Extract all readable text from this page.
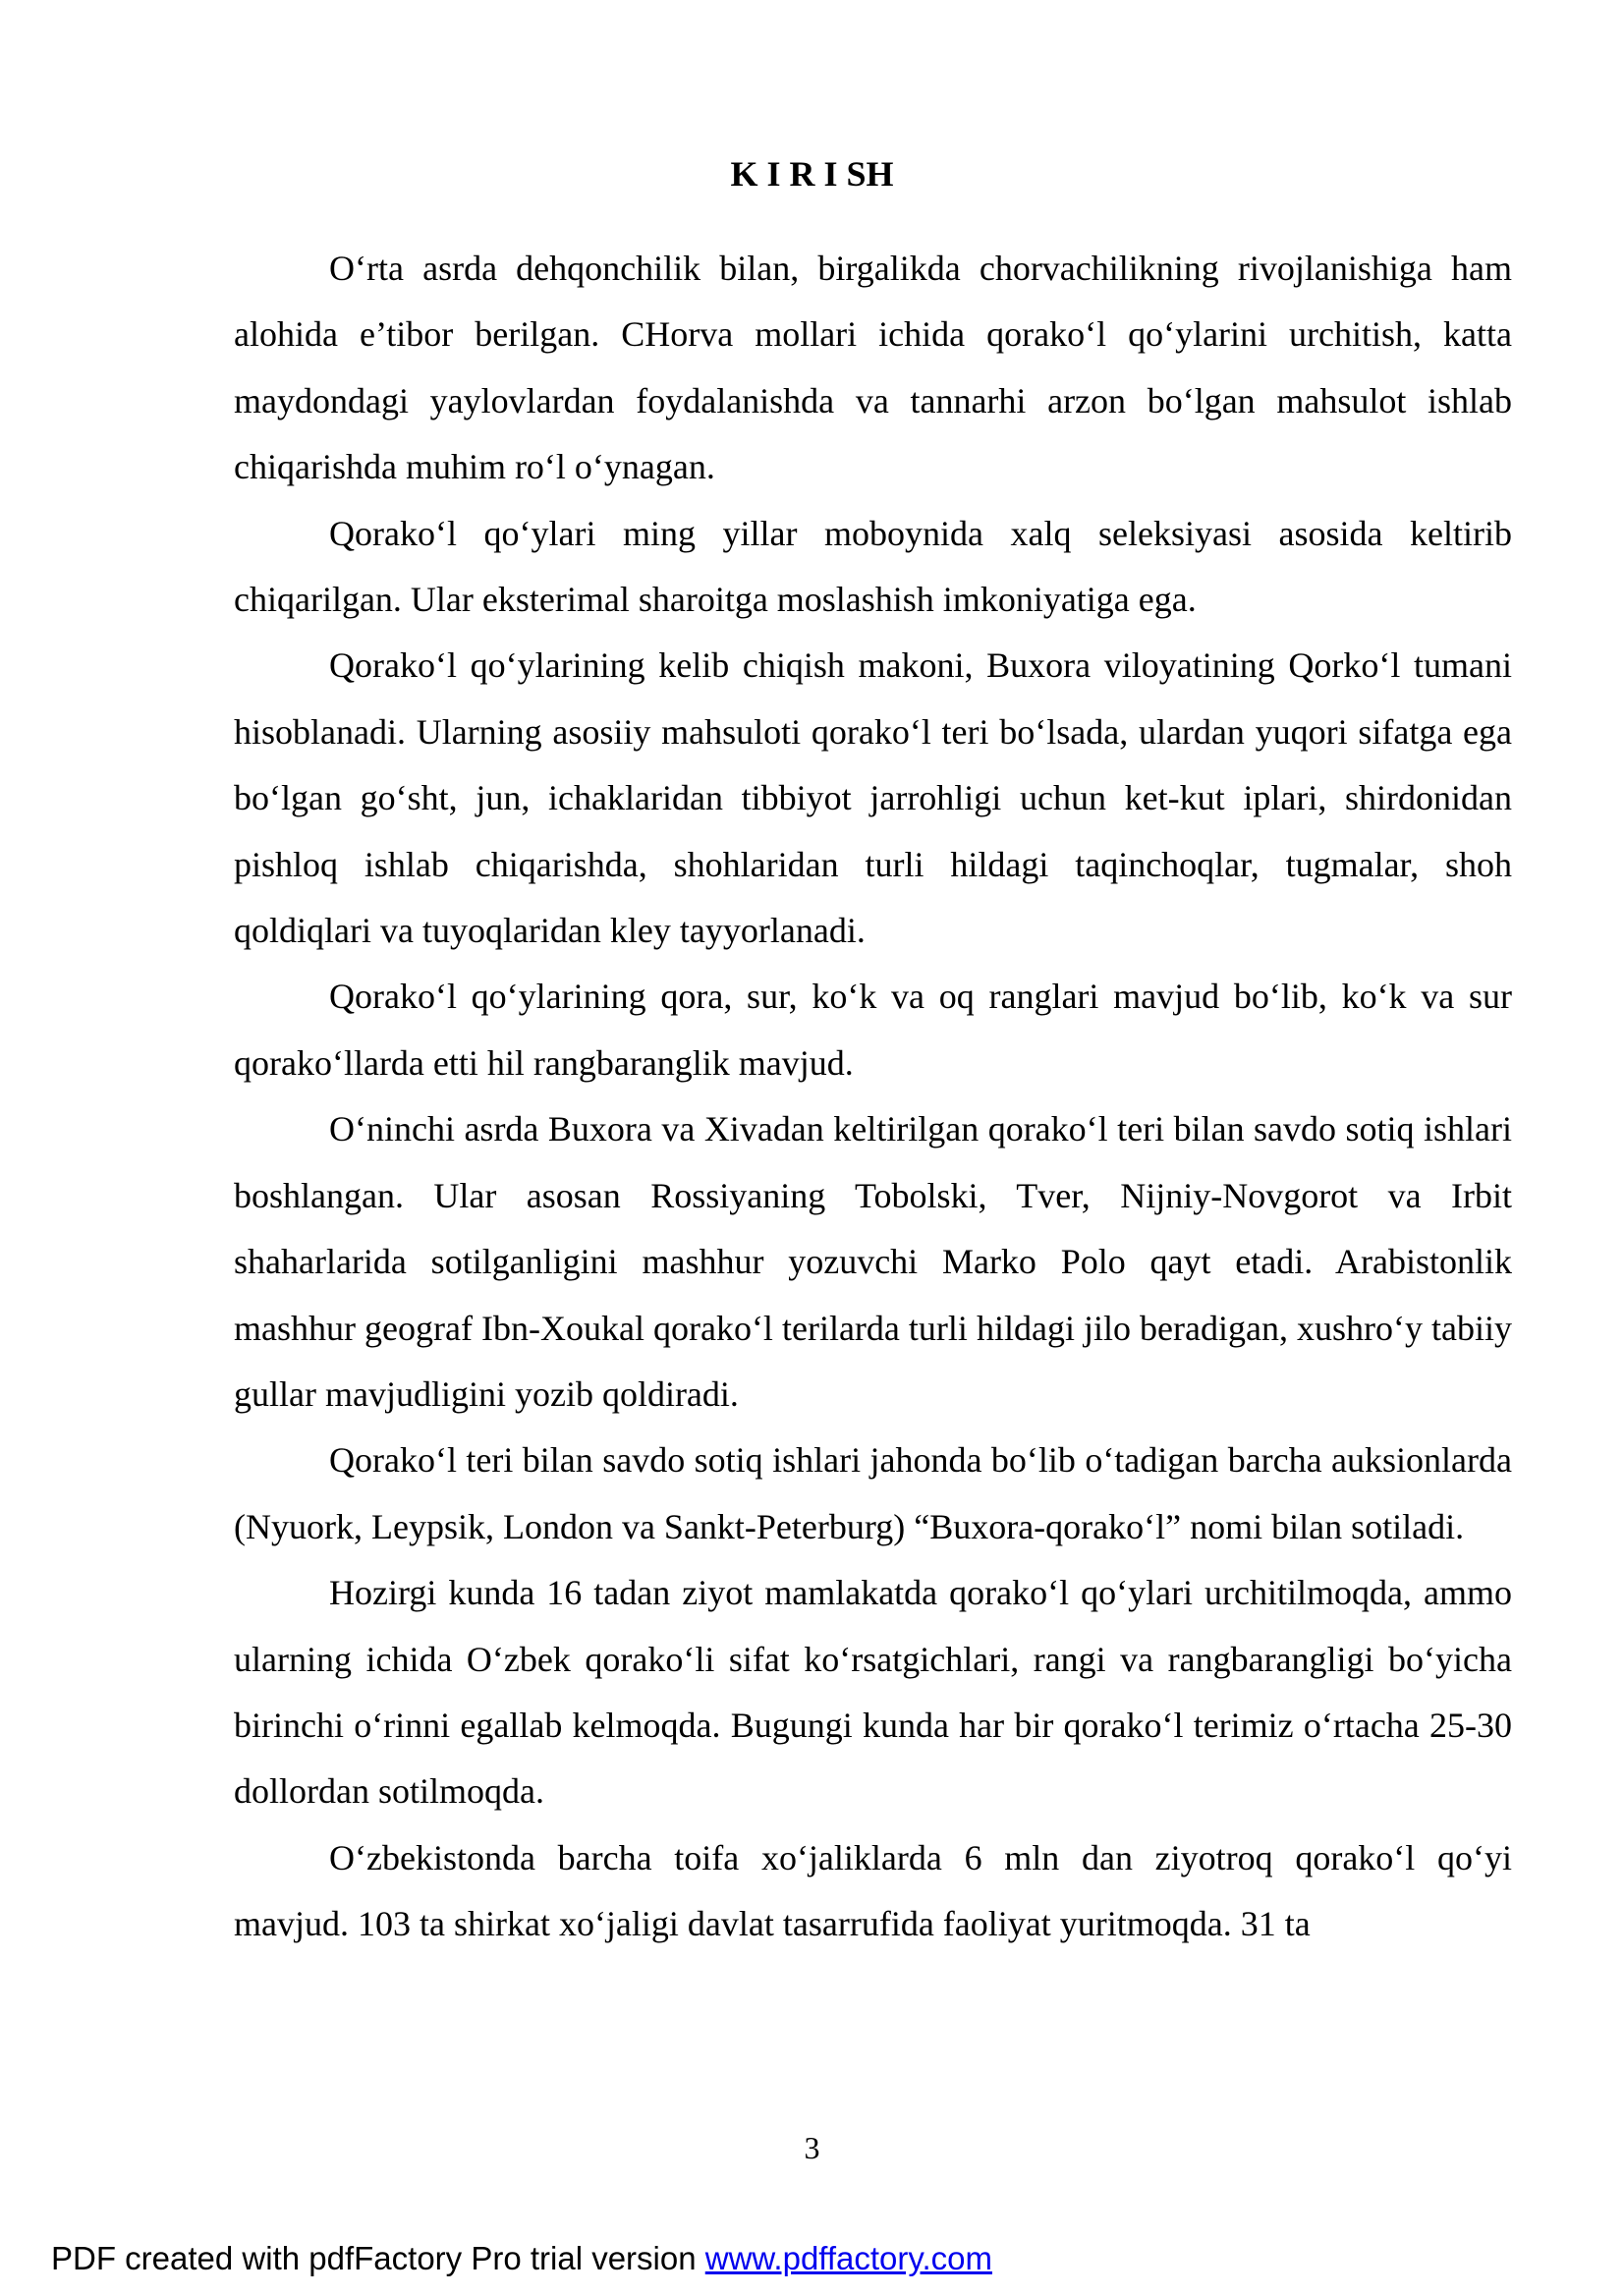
K I R I SH

O‘rta asrda dehqonchilik bilan, birgalikda chorvachilikning rivojlanishiga ham alohida e’tibor berilgan. CHorva mollari ichida qorako‘l qo‘ylarini urchitish, katta maydondagi yaylovlardan foydalanishda va tannarhi arzon bo‘lgan mahsulot ishlab chiqarishda muhim ro‘l o‘ynagan.

Qorako‘l qo‘ylari ming yillar moboynida xalq seleksiyasi asosida keltirib chiqarilgan. Ular eksterimal sharoitga moslashish imkoniyatiga ega.

Qorako‘l qo‘ylarining kelib chiqish makoni, Buxora viloyatining Qorko‘l tumani hisoblanadi. Ularning asosiiy mahsuloti qorako‘l teri bo‘lsada, ulardan yuqori sifatga ega bo‘lgan go‘sht, jun, ichaklaridan tibbiyot jarrohligi uchun ket-kut iplari, shirdonidan pishloq ishlab chiqarishda, shohlaridan turli hildagi taqinchoqlar, tugmalar, shoh qoldiqlari va tuyoqlaridan kley tayyorlanadi.

Qorako‘l qo‘ylarining qora, sur, ko‘k va oq ranglari mavjud bo‘lib, ko‘k va sur qorako‘llarda etti hil rangbaranglik mavjud.

O‘ninchi asrda Buxora va Xivadan keltirilgan qorako‘l teri bilan savdo sotiq ishlari boshlangan. Ular asosan Rossiyaning Tobolski, Tver, Nijniy-Novgorot va Irbit shaharlarida sotilganligini mashhur yozuvchi Marko Polo qayt etadi. Arabistonlik mashhur geograf Ibn-Xoukal qorako‘l terilarda turli hildagi jilo beradigan, xushro‘y tabiiy gullar mavjudligini yozib qoldiradi.

Qorako‘l teri bilan savdo sotiq ishlari jahonda bo‘lib o‘tadigan barcha auksionlarda (Nyuork, Leypsik, London va Sankt-Peterburg) “Buxora-qorako‘l” nomi bilan sotiladi.

Hozirgi kunda 16 tadan ziyot mamlakatda qorako‘l qo‘ylari urchitilmoqda, ammo ularning ichida O‘zbek qorako‘li sifat ko‘rsatgichlari, rangi va rangbarangligi bo‘yicha birinchi o‘rinni egallab kelmoqda. Bugungi kunda har bir qorako‘l terimiz o‘rtacha 25-30 dollordan sotilmoqda.

O‘zbekistonda barcha toifa xo‘jaliklarda 6 mln dan ziyotroq qorako‘l qo‘yi mavjud. 103 ta shirkat xo‘jaligi davlat tasarrufida faoliyat yuritmoqda. 31 ta

3
PDF created with pdfFactory Pro trial version www.pdffactory.com
